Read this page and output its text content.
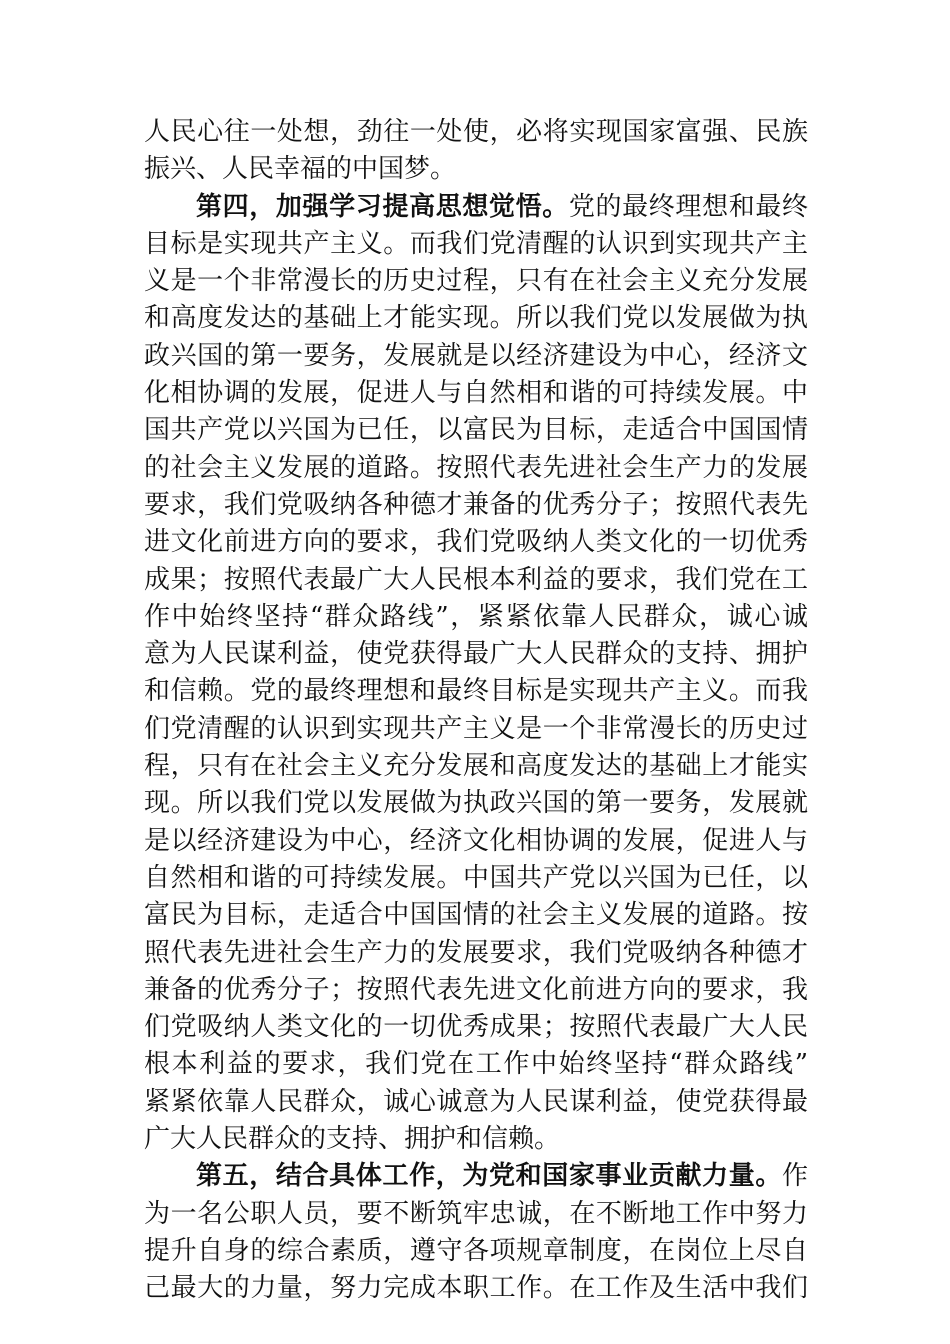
人民心往一处想，劲往一处使，必将实现国家富强、民族
振兴、人民幸福的中国梦。
第四，加强学习提高思想觉悟。党的最终理想和最终
目标是实现共产主义。而我们党清醒的认识到实现共产主
义是一个非常漫长的历史过程，只有在社会主义充分发展
和高度发达的基础上才能实现。所以我们党以发展做为执
政兴国的第一要务，发展就是以经济建设为中心，经济文
化相协调的发展，促进人与自然相和谐的可持续发展。中
国共产党以兴国为已任，以富民为目标，走适合中国国情
的社会主义发展的道路。按照代表先进社会生产力的发展
要求，我们党吸纳各种德才兼备的优秀分子；按照代表先
进文化前进方向的要求，我们党吸纳人类文化的一切优秀
成果；按照代表最广大人民根本利益的要求，我们党在工
作中始终坚持“群众路线”，紧紧依靠人民群众，诚心诚
意为人民谋利益，使党获得最广大人民群众的支持、拥护
和信赖。党的最终理想和最终目标是实现共产主义。而我
们党清醒的认识到实现共产主义是一个非常漫长的历史过
程，只有在社会主义充分发展和高度发达的基础上才能实
现。所以我们党以发展做为执政兴国的第一要务，发展就
是以经济建设为中心，经济文化相协调的发展，促进人与
自然相和谐的可持续发展。中国共产党以兴国为已任，以
富民为目标，走适合中国国情的社会主义发展的道路。按
照代表先进社会生产力的发展要求，我们党吸纳各种德才
兼备的优秀分子；按照代表先进文化前进方向的要求，我
们党吸纳人类文化的一切优秀成果；按照代表最广大人民
根本利益的要求，我们党在工作中始终坚持“群众路线”
紧紧依靠人民群众，诚心诚意为人民谋利益，使党获得最
广大人民群众的支持、拥护和信赖。
第五，结合具体工作，为党和国家事业贡献力量。作
为一名公职人员，要不断筑牢忠诚，在不断地工作中努力
提升自身的综合素质，遵守各项规章制度，在岗位上尽自
己最大的力量，努力完成本职工作。在工作及生活中我们
